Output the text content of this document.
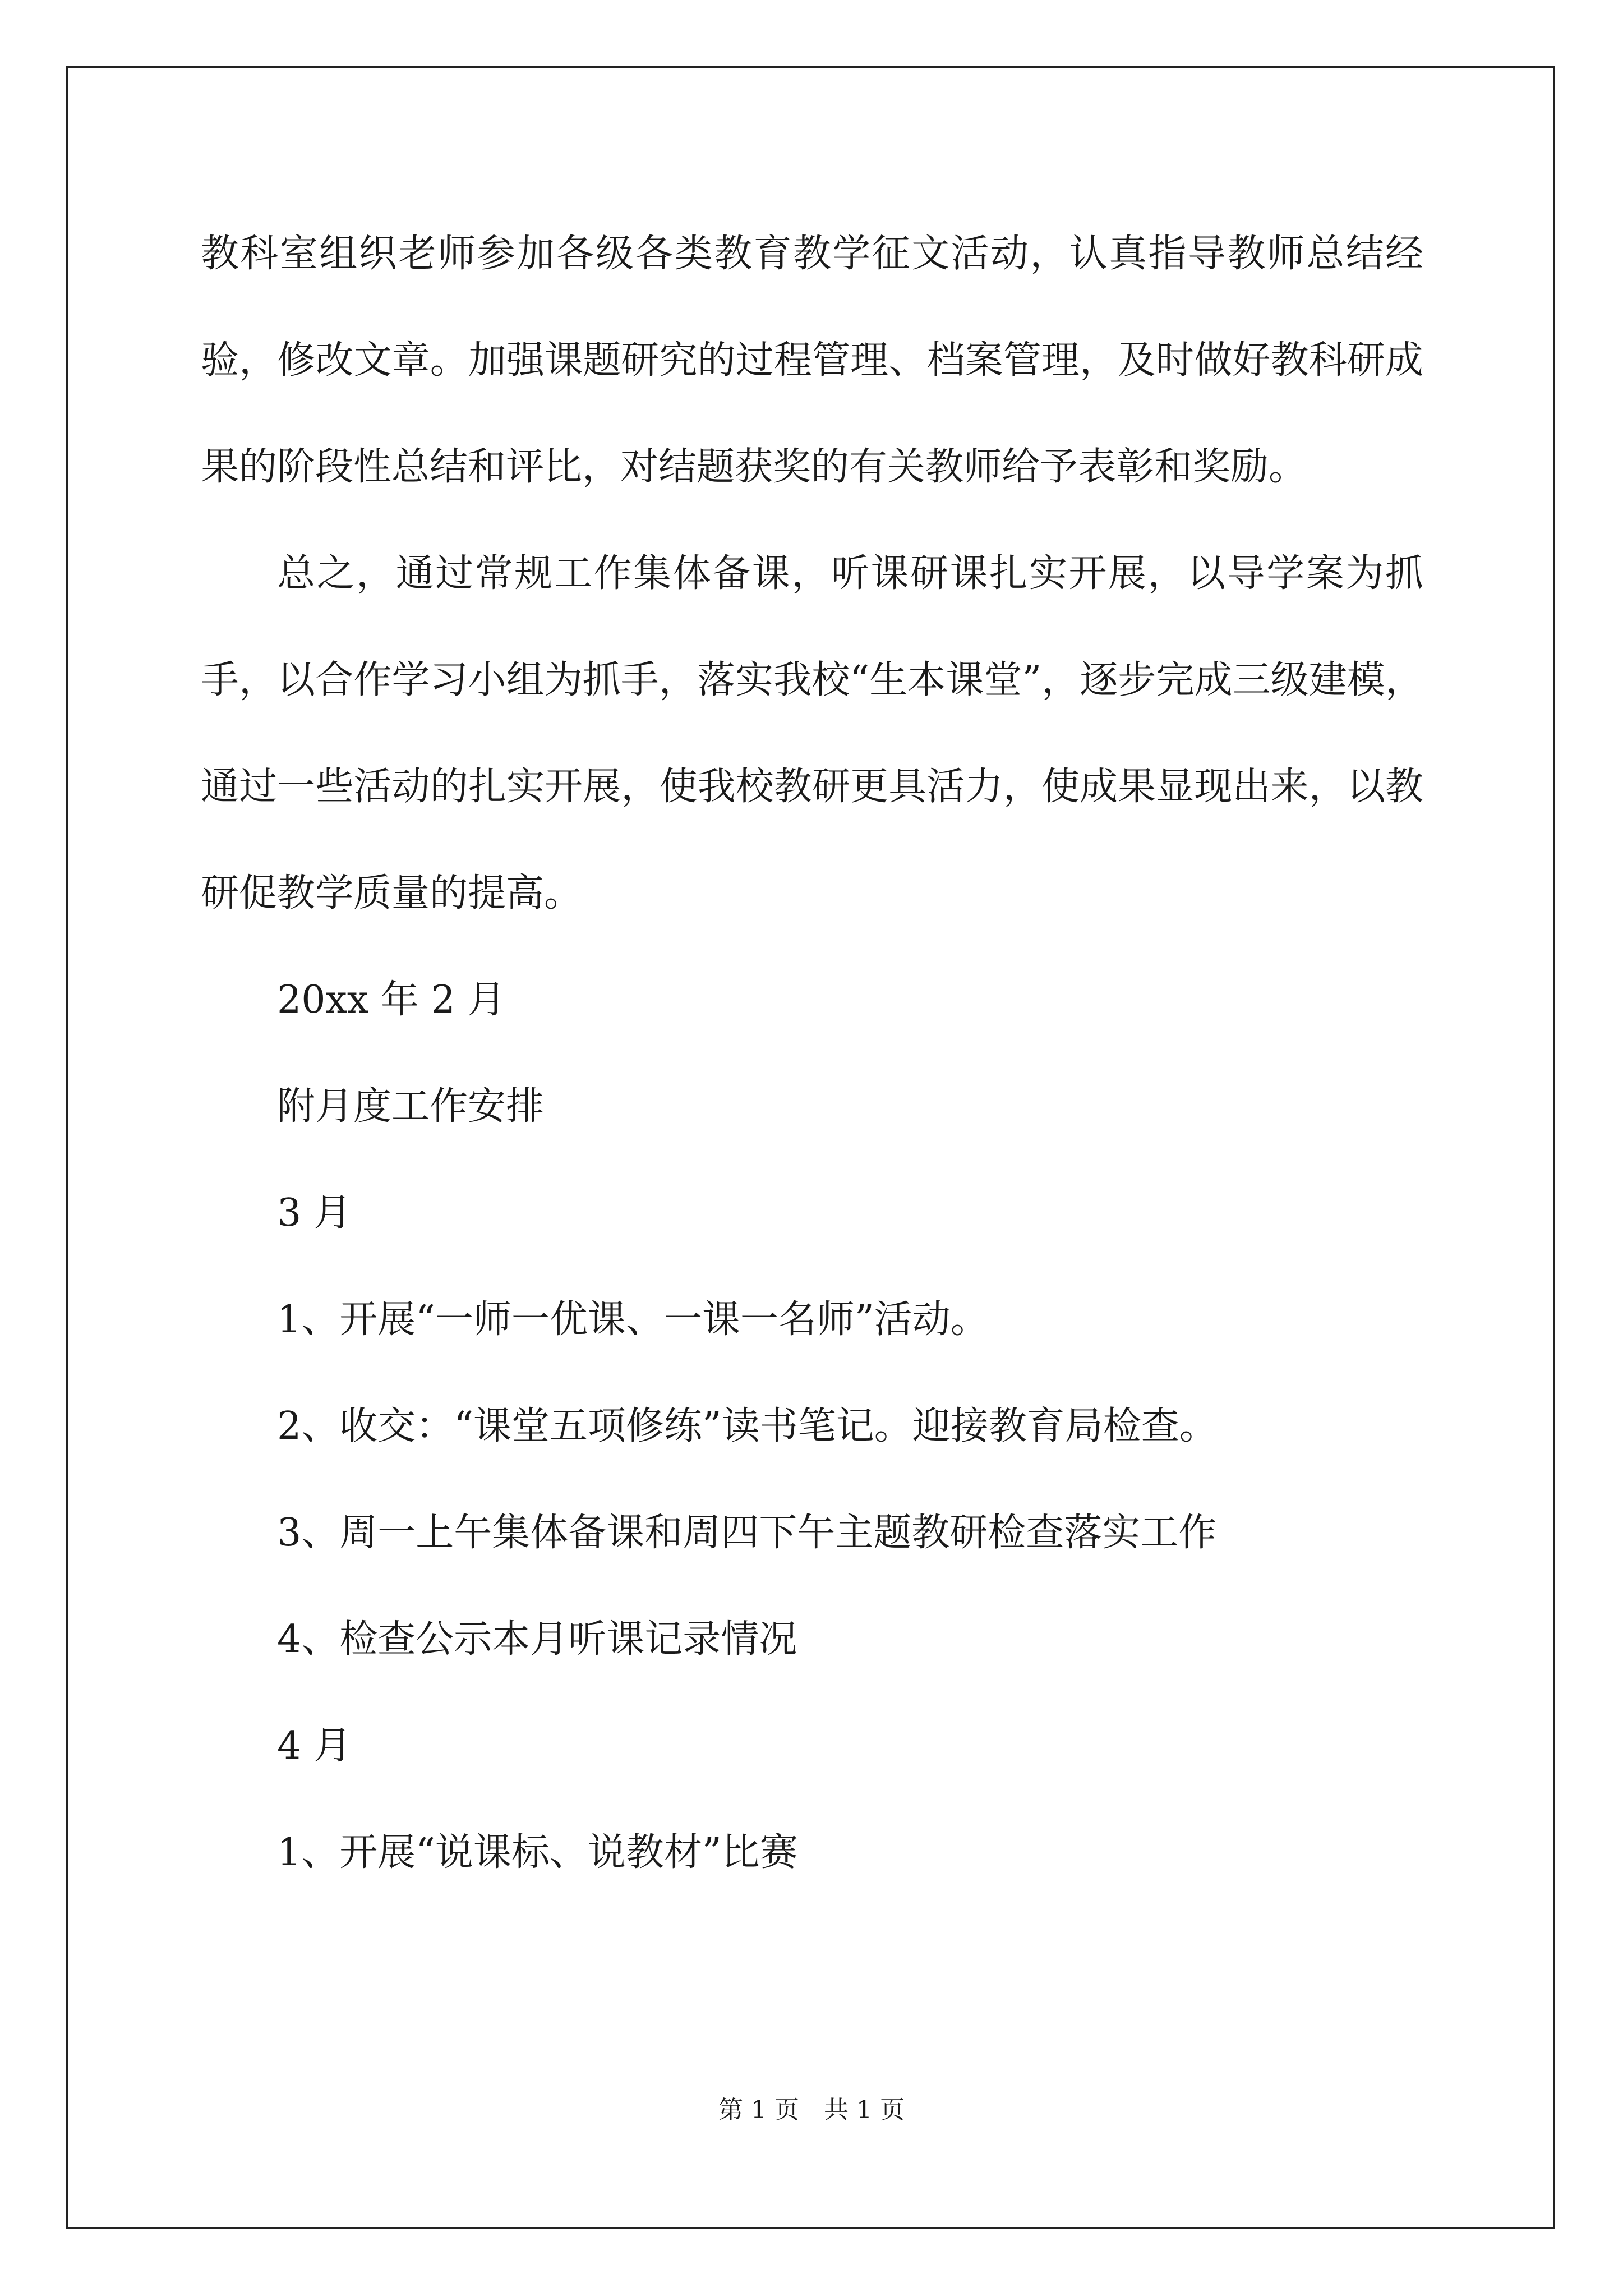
教科室组织老师参加各级各类教育教学征文活动，认真指导教师总结经验，修改文章。加强课题研究的过程管理、档案管理，及时做好教科研成果的阶段性总结和评比，对结题获奖的有关教师给予表彰和奖励。

总之，通过常规工作集体备课，听课研课扎实开展，以导学案为抓手，以合作学习小组为抓手，落实我校“生本课堂”，逐步完成三级建模，通过一些活动的扎实开展，使我校教研更具活力，使成果显现出来，以教研促教学质量的提高。

20xx 年 2 月

附月度工作安排

3 月

1、开展“一师一优课、一课一名师”活动。

2、收交：“课堂五项修练”读书笔记。迎接教育局检查。

3、周一上午集体备课和周四下午主题教研检查落实工作

4、检查公示本月听课记录情况

4 月

1、开展“说课标、说教材”比赛

第 1 页 共 1 页
